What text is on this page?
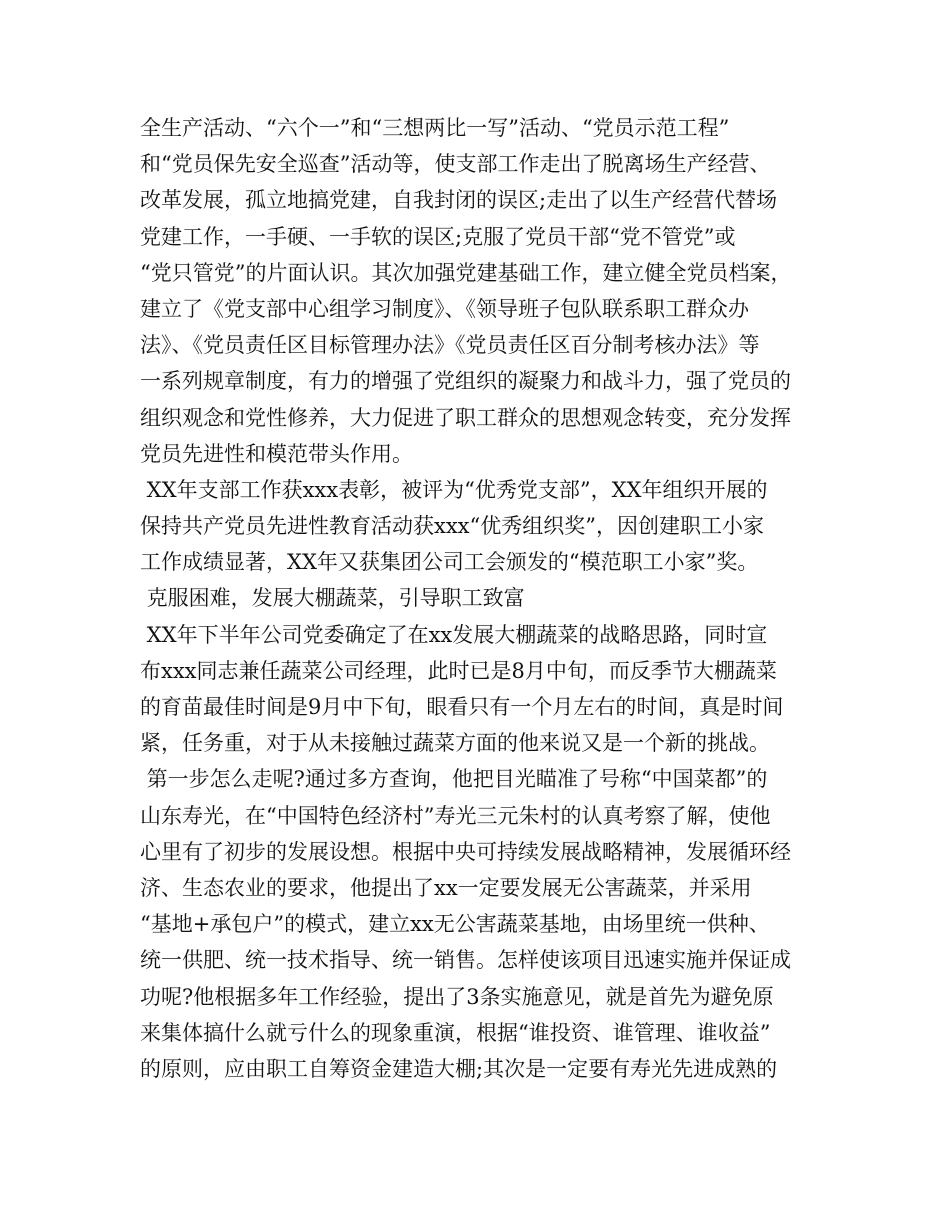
全生产活动、“六个一”和“三想两比一写”活动、“党员示范工程”
和“党员保先安全巡查”活动等，使支部工作走出了脱离场生产经营、
改革发展，孤立地搞党建，自我封闭的误区;走出了以生产经营代替场
党建工作，一手硬、一手软的误区;克服了党员干部“党不管党”或
“党只管党”的片面认识。其次加强党建基础工作，建立健全党员档案，
建立了《党支部中心组学习制度》、《领导班子包队联系职工群众办
法》、《党员责任区目标管理办法》《党员责任区百分制考核办法》等
一系列规章制度，有力的增强了党组织的凝聚力和战斗力，强了党员的
组织观念和党性修养，大力促进了职工群众的思想观念转变，充分发挥
党员先进性和模范带头作用。
XX年支部工作获xxx表彰，被评为“优秀党支部”，XX年组织开展的
保持共产党员先进性教育活动获xxx“优秀组织奖”，因创建职工小家
工作成绩显著，XX年又获集团公司工会颁发的“模范职工小家”奖。
克服困难，发展大棚蔬菜，引导职工致富
XX年下半年公司党委确定了在xx发展大棚蔬菜的战略思路，同时宣
布xxx同志兼任蔬菜公司经理，此时已是8月中旬，而反季节大棚蔬菜
的育苗最佳时间是9月中下旬，眼看只有一个月左右的时间，真是时间
紧，任务重，对于从未接触过蔬菜方面的他来说又是一个新的挑战。
第一步怎么走呢?通过多方查询，他把目光瞄准了号称“中国菜都”的
山东寿光，在“中国特色经济村”寿光三元朱村的认真考察了解，使他
心里有了初步的发展设想。根据中央可持续发展战略精神，发展循环经
济、生态农业的要求，他提出了xx一定要发展无公害蔬菜，并采用
“基地+承包户”的模式，建立xx无公害蔬菜基地，由场里统一供种、
统一供肥、统一技术指导、统一销售。怎样使该项目迅速实施并保证成
功呢?他根据多年工作经验，提出了3条实施意见，就是首先为避免原
来集体搞什么就亏什么的现象重演，根据“谁投资、谁管理、谁收益”
的原则，应由职工自筹资金建造大棚;其次是一定要有寿光先进成熟的
